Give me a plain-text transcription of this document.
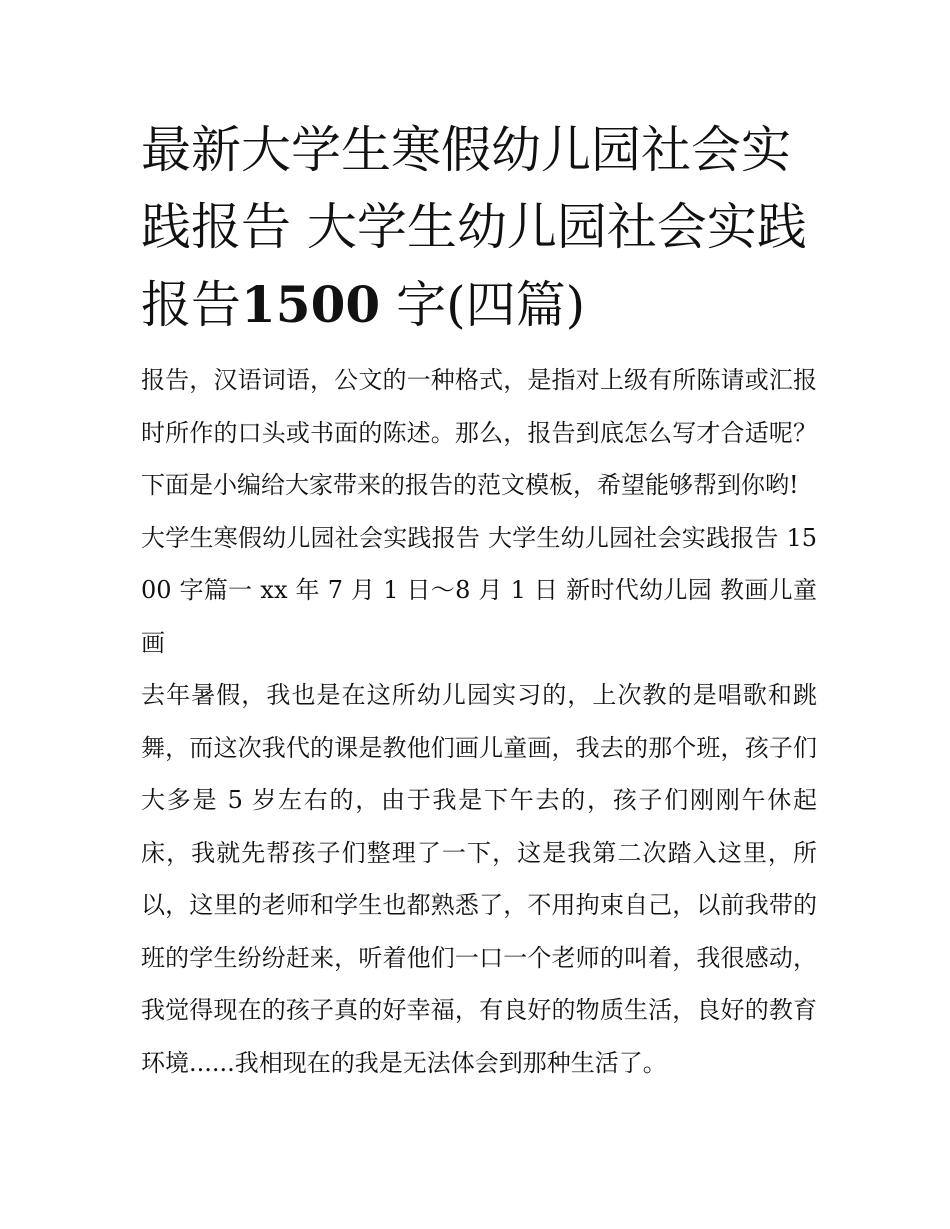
最新大学生寒假幼儿园社会实践报告 大学生幼儿园社会实践报告1500 字(四篇)

报告，汉语词语，公文的一种格式，是指对上级有所陈请或汇报时所作的口头或书面的陈述。那么，报告到底怎么写才合适呢？下面是小编给大家带来的报告的范文模板，希望能够帮到你哟!

大学生寒假幼儿园社会实践报告 大学生幼儿园社会实践报告 1500 字篇一 xx 年 7 月 1 日～8 月 1 日 新时代幼儿园 教画儿童画

去年暑假，我也是在这所幼儿园实习的，上次教的是唱歌和跳舞，而这次我代的课是教他们画儿童画，我去的那个班，孩子们大多是 5 岁左右的，由于我是下午去的，孩子们刚刚午休起床，我就先帮孩子们整理了一下，这是我第二次踏入这里，所以，这里的老师和学生也都熟悉了，不用拘束自己，以前我带的班的学生纷纷赶来，听着他们一口一个老师的叫着，我很感动，我觉得现在的孩子真的好幸福，有良好的物质生活，良好的教育环境......我相现在的我是无法体会到那种生活了。
